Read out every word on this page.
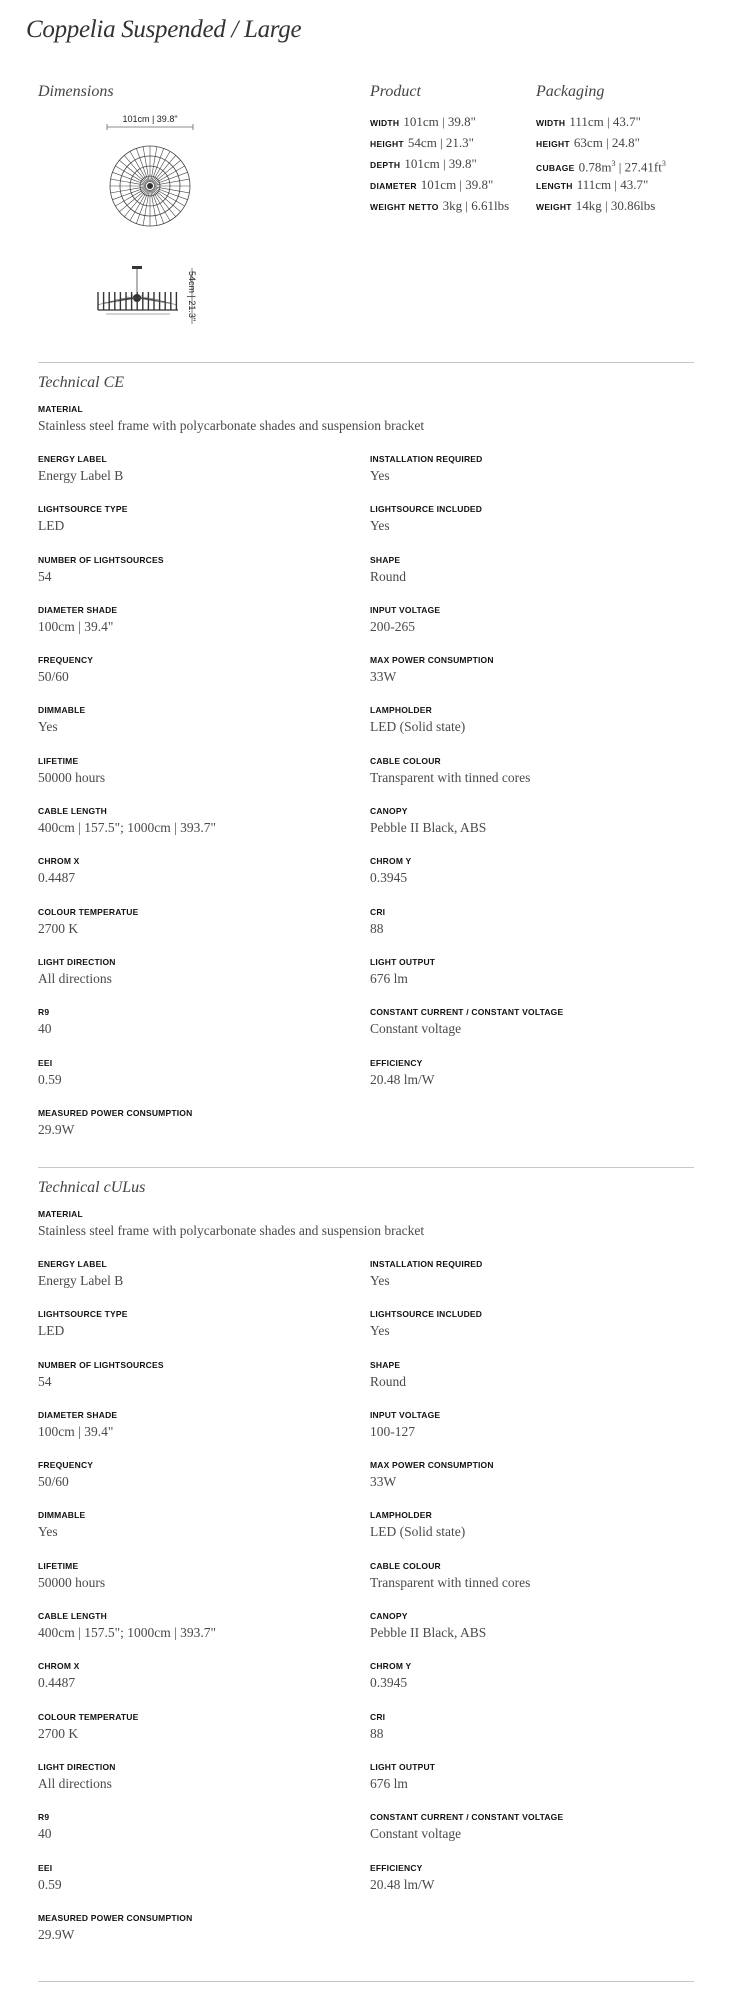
Coppelia Suspended / Large
Dimensions
101cm | 39.8"
54cm | 21.3"
Product
WIDTH 101cm | 39.8"
HEIGHT 54cm | 21.3"
DEPTH 101cm | 39.8"
DIAMETER 101cm | 39.8"
WEIGHT NETTO 3kg | 6.61lbs
Packaging
WIDTH 111cm | 43.7"
HEIGHT 63cm | 24.8"
CUBAGE $0.78m^3$ | $27.41ft^3$
LENGTH 111cm | 43.7"
WEIGHT 14kg | 30.86lbs
Technical CE
MATERIAL
Stainless steel frame with polycarbonate shades and suspension bracket
ENERGY LABEL
Energy Label B
INSTALLATION REQUIRED
Yes
LIGHTSOURCE TYPE
LED
LIGHTSOURCE INCLUDED
Yes
NUMBER OF LIGHTSOURCES
54
SHAPE
Round
DIAMETER SHADE
100cm | 39.4"
INPUT VOLTAGE
200-265
FREQUENCY
50/60
MAX POWER CONSUMPTION
33W
DIMMABLE
Yes
LAMPHOLDER
LED (Solid state)
LIFETIME
50000 hours
CABLE COLOUR
Transparent with tinned cores
CABLE LENGTH
400cm | 157.5"; 1000cm | 393.7"
CANOPY
Pebble II Black, ABS
CHROM X
0.4487
CHROM Y
0.3945
COLOUR TEMPERATUE
2700 K
CRI
88
LIGHT DIRECTION
All directions
LIGHT OUTPUT
676 lm
R9
40
CONSTANT CURRENT / CONSTANT VOLTAGE
Constant voltage
EEI
0.59
EFFICIENCY
20.48 lm/W
MEASURED POWER CONSUMPTION
29.9W
Technical cULus
MATERIAL
Stainless steel frame with polycarbonate shades and suspension bracket
ENERGY LABEL
Energy Label B
INSTALLATION REQUIRED
Yes
LIGHTSOURCE TYPE
LED
LIGHTSOURCE INCLUDED
Yes
NUMBER OF LIGHTSOURCES
54
SHAPE
Round
DIAMETER SHADE
100cm | 39.4"
INPUT VOLTAGE
100-127
FREQUENCY
50/60
MAX POWER CONSUMPTION
33W
DIMMABLE
Yes
LAMPHOLDER
LED (Solid state)
LIFETIME
50000 hours
CABLE COLOUR
Transparent with tinned cores
CABLE LENGTH
400cm | 157.5"; 1000cm | 393.7"
CANOPY
Pebble II Black, ABS
CHROM X
0.4487
CHROM Y
0.3945
COLOUR TEMPERATUE
2700 K
CRI
88
LIGHT DIRECTION
All directions
LIGHT OUTPUT
676 lm
R9
40
CONSTANT CURRENT / CONSTANT VOLTAGE
Constant voltage
EEI
0.59
EFFICIENCY
20.48 lm/W
MEASURED POWER CONSUMPTION
29.9W
